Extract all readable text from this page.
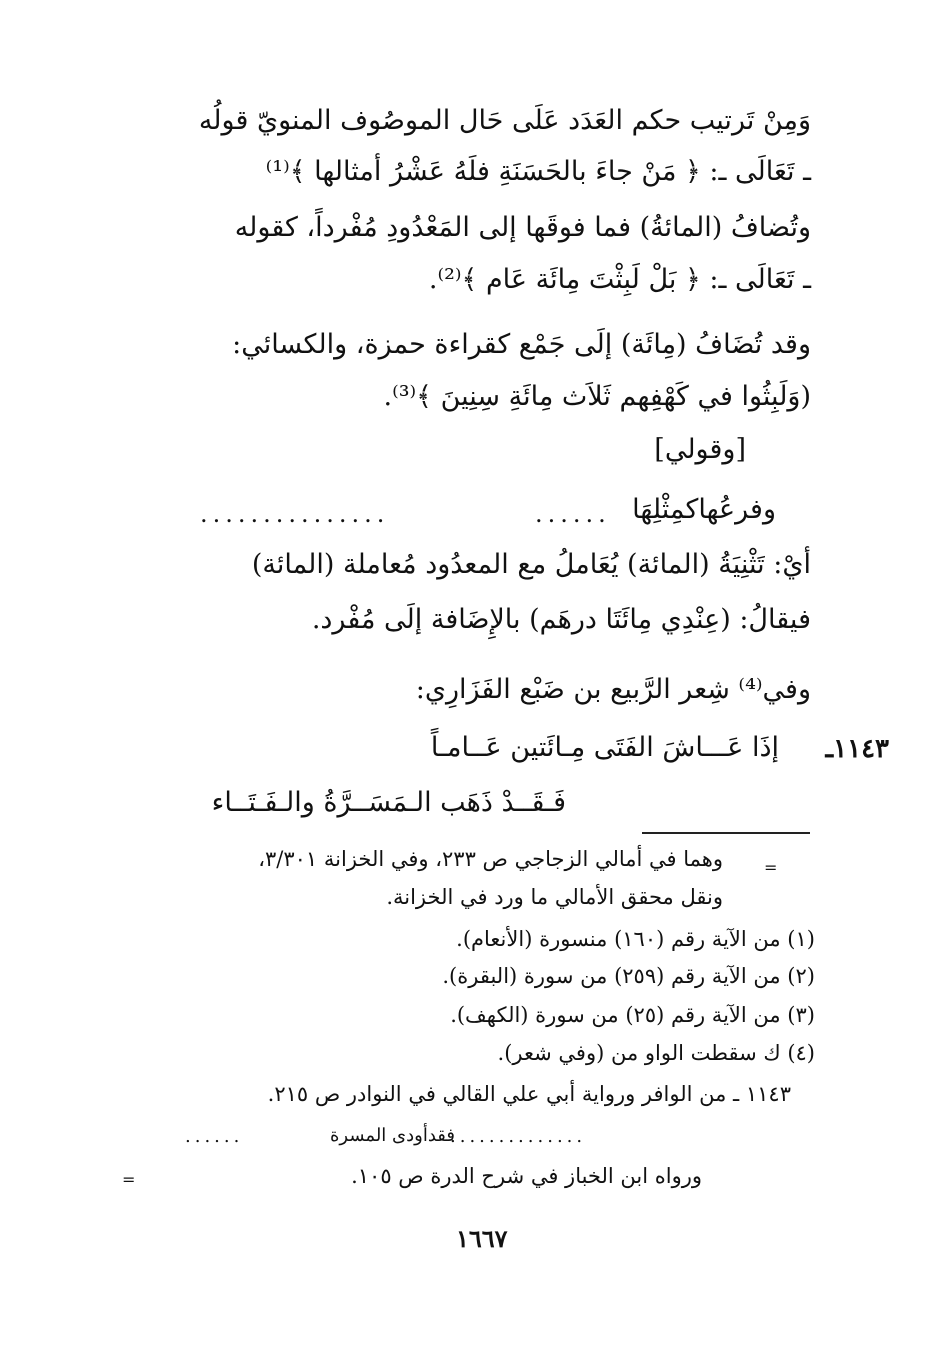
وَمِنْ تَرتيب حكم العَدَد عَلَى حَال الموصُوف المنويّ قولُه
ـ تَعَالَى ـ: ﴿ مَنْ جاءَ بالحَسَنَةِ فلَهُ عَشْرُ أمثالها ﴾⁽¹⁾
وتُضافُ (المائةُ) فما فوقَها إلى المَعْدُودِ مُفْرداً، كقوله
ـ تَعَالَى ـ: ﴿ بَلْ لَبِثْتَ مِائَة عَام ﴾⁽²⁾.
وقد تُضَافُ (مِائَة) إلَى جَمْع كقراءة حمزة، والكسائي:
(وَلَبِثُوا في كَهْفِهم ثَلاَث مِائَةِ سِنِينَ ﴾⁽³⁾.
[وقولي]
وفرعُهاكمِثْلِهَا
...............	......
أيْ: تَثْنِيَةُ (المائة) يُعَاملُ مع المعدُود مُعاملة (المائة)
فيقالُ: (عِنْدِي مِائَتَا درهَم) بالإِضَافة إلَى مُفْرد.
وفي⁽⁴⁾ شِعر الرَّبيع بن ضَبْع الفَزَارِي:
١١٤٣ـ
إذَا عَـــاشَ الفَتَى مِـائَتين عَــامـاً
فَـقَــدْ ذَهَب الـمَسَــرَّةُ والـفَـتَــاء
=
وهما في أمالي الزجاجي ص ٢٣٣، وفي الخزانة ٣/٣٠١،
ونقل محقق الأمالي ما ورد في الخزانة.
(١) من الآية رقم (١٦٠) منسورة (الأنعام).
(٢) من الآية رقم (٢٥٩) من سورة (البقرة).
(٣) من الآية رقم (٢٥) من سورة (الكهف).
(٤) ك سقطت الواو من (وفي شعر).
١١٤٣ ـ من الوافر ورواية أبي علي القالي في النوادر ص ٢١٥.
......	فقدأودى المسرة
..............
=	ورواه ابن الخباز في شرح الدرة ص ١٠٥.
١٦٦٧
